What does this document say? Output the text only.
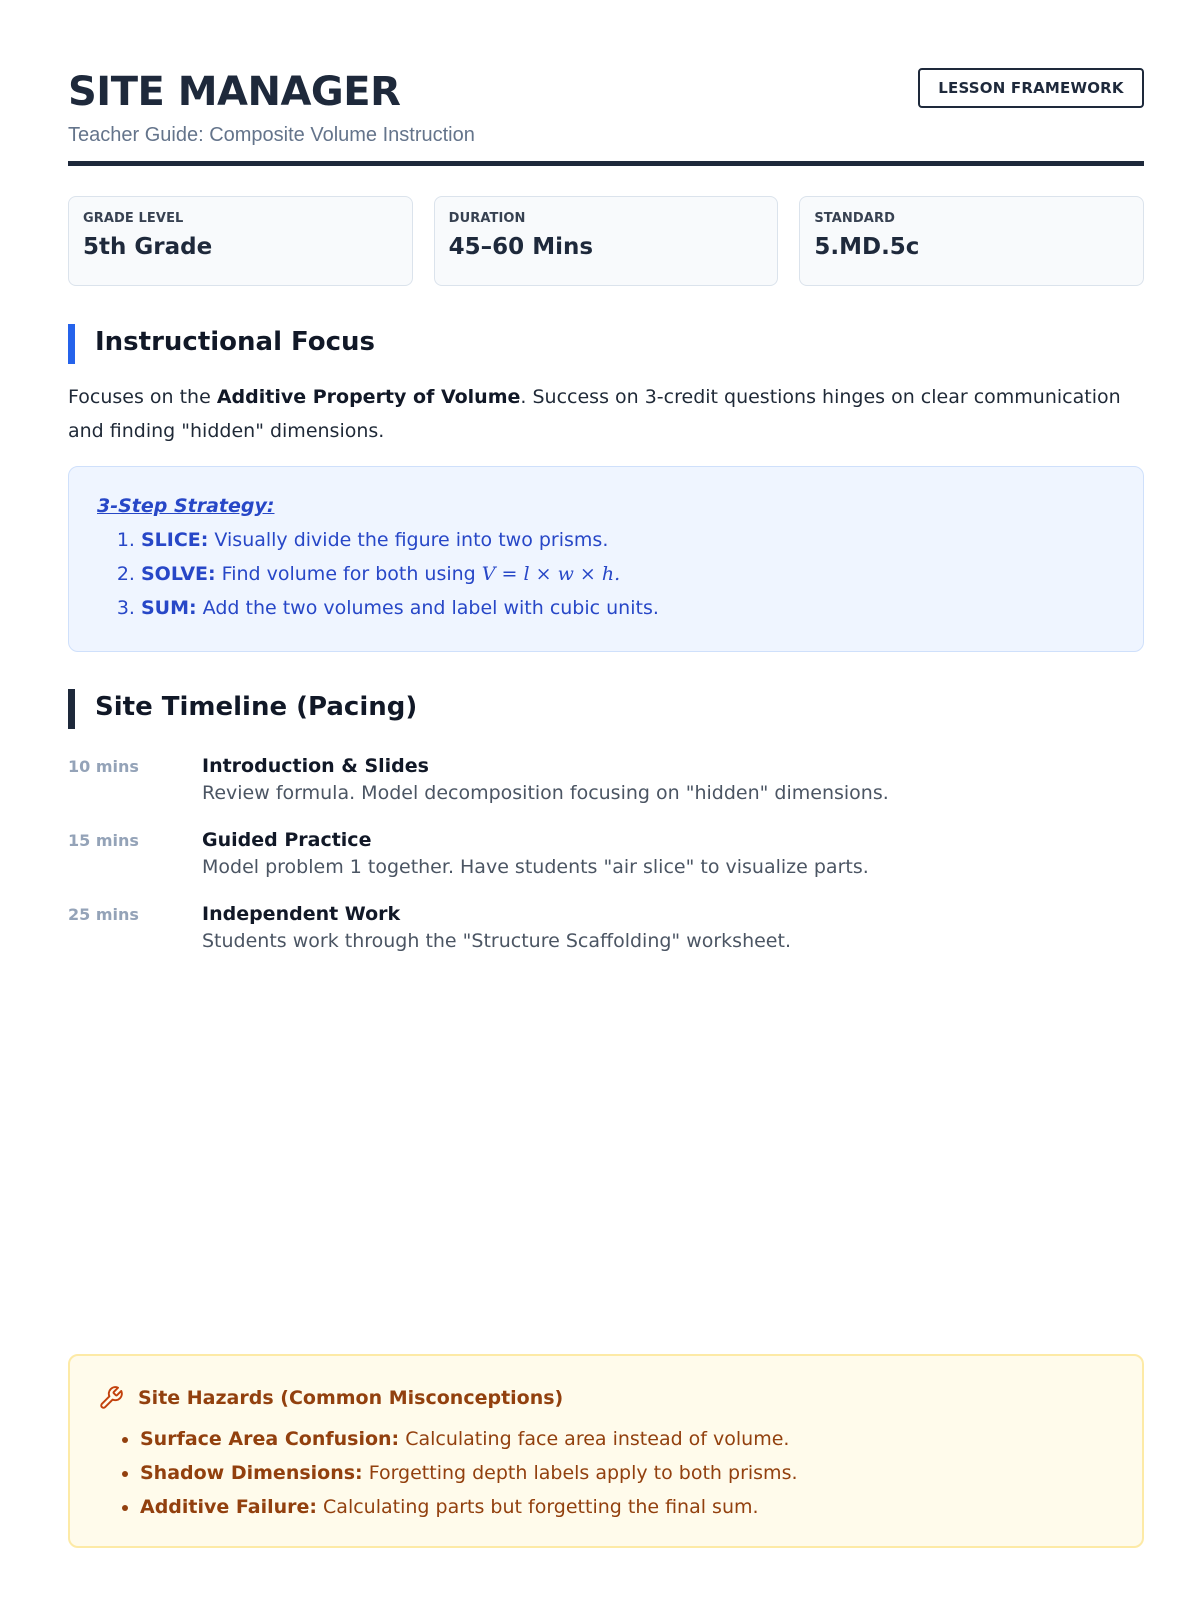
SITE MANAGER

Teacher Guide: Composite Volume Instruction

LESSON FRAMEWORK
GRADE LEVEL
5th Grade
DURATION
45–60 Mins
STANDARD
5.MD.5c
Instructional Focus

Focuses on the Additive Property of Volume. Success on 3-credit questions hinges on clear communication and finding "hidden" dimensions.

3-Step Strategy:
1. SLICE: Visually divide the figure into two prisms.
2. SOLVE: Find volume for both using V = l × w × h.
3. SUM: Add the two volumes and label with cubic units.
Site Timeline (Pacing)
10 mins	Introduction & Slides
Review formula. Model decomposition focusing on "hidden" dimensions.
15 mins	Guided Practice
Model problem 1 together. Have students "air slice" to visualize parts.
25 mins	Independent Work
Students work through the "Structure Scaffolding" worksheet.
Site Hazards (Common Misconceptions)
• Surface Area Confusion: Calculating face area instead of volume.
• Shadow Dimensions: Forgetting depth labels apply to both prisms.
• Additive Failure: Calculating parts but forgetting the final sum.
